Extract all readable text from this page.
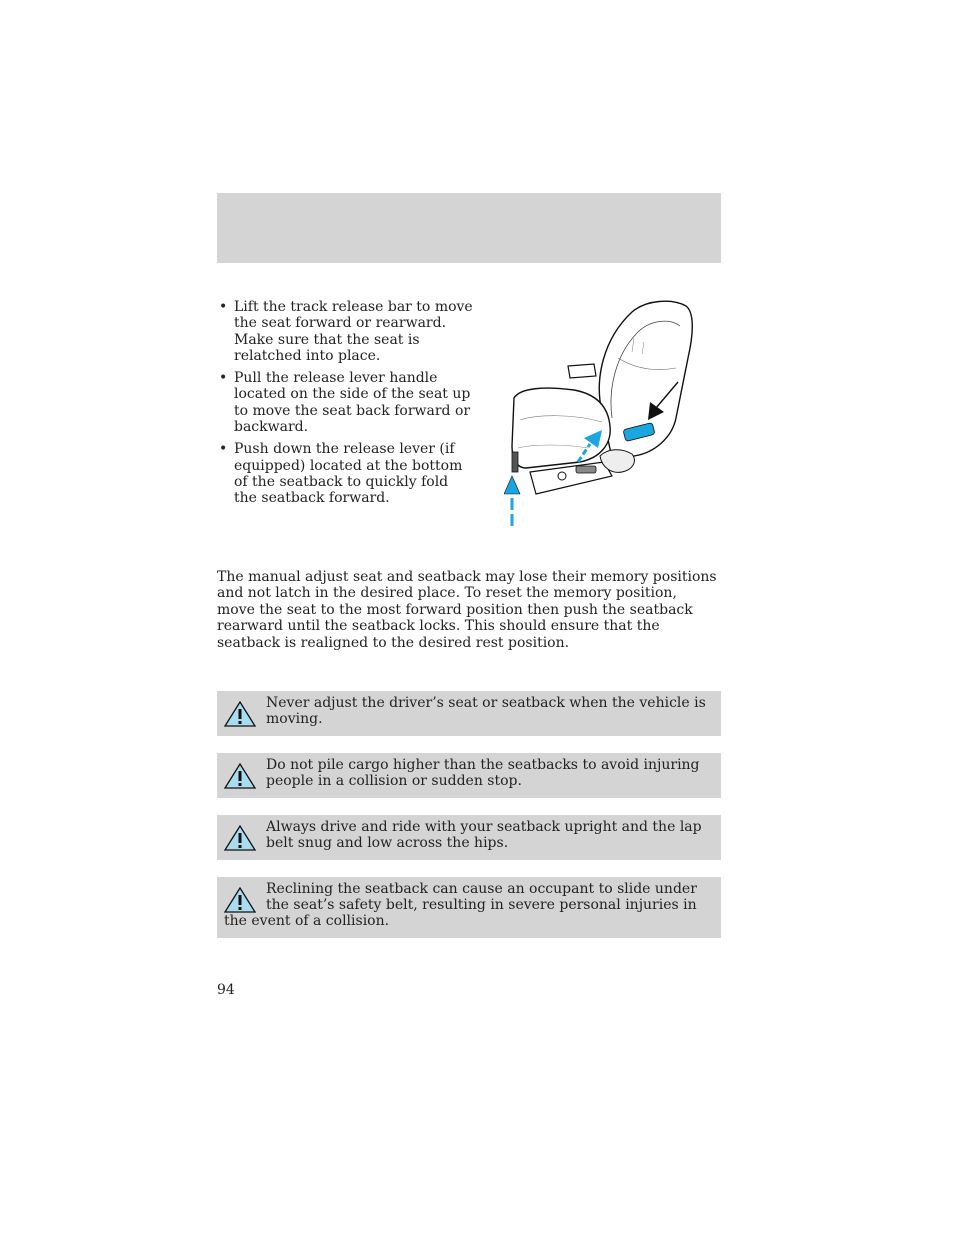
• Lift the track release bar to move the seat forward or rearward. Make sure that the seat is relatched into place.
• Pull the release lever handle located on the side of the seat up to move the seat back forward or backward.
• Push down the release lever (if equipped) located at the bottom of the seatback to quickly fold the seatback forward.

The manual adjust seat and seatback may lose their memory positions and not latch in the desired place. To reset the memory position, move the seat to the most forward position then push the seatback rearward until the seatback locks. This should ensure that the seatback is realigned to the desired rest position.

Never adjust the driver’s seat or seatback when the vehicle is moving.
Do not pile cargo higher than the seatbacks to avoid injuring people in a collision or sudden stop.
Always drive and ride with your seatback upright and the lap belt snug and low across the hips.
Reclining the seatback can cause an occupant to slide under the seat’s safety belt, resulting in severe personal injuries in the event of a collision.
94
